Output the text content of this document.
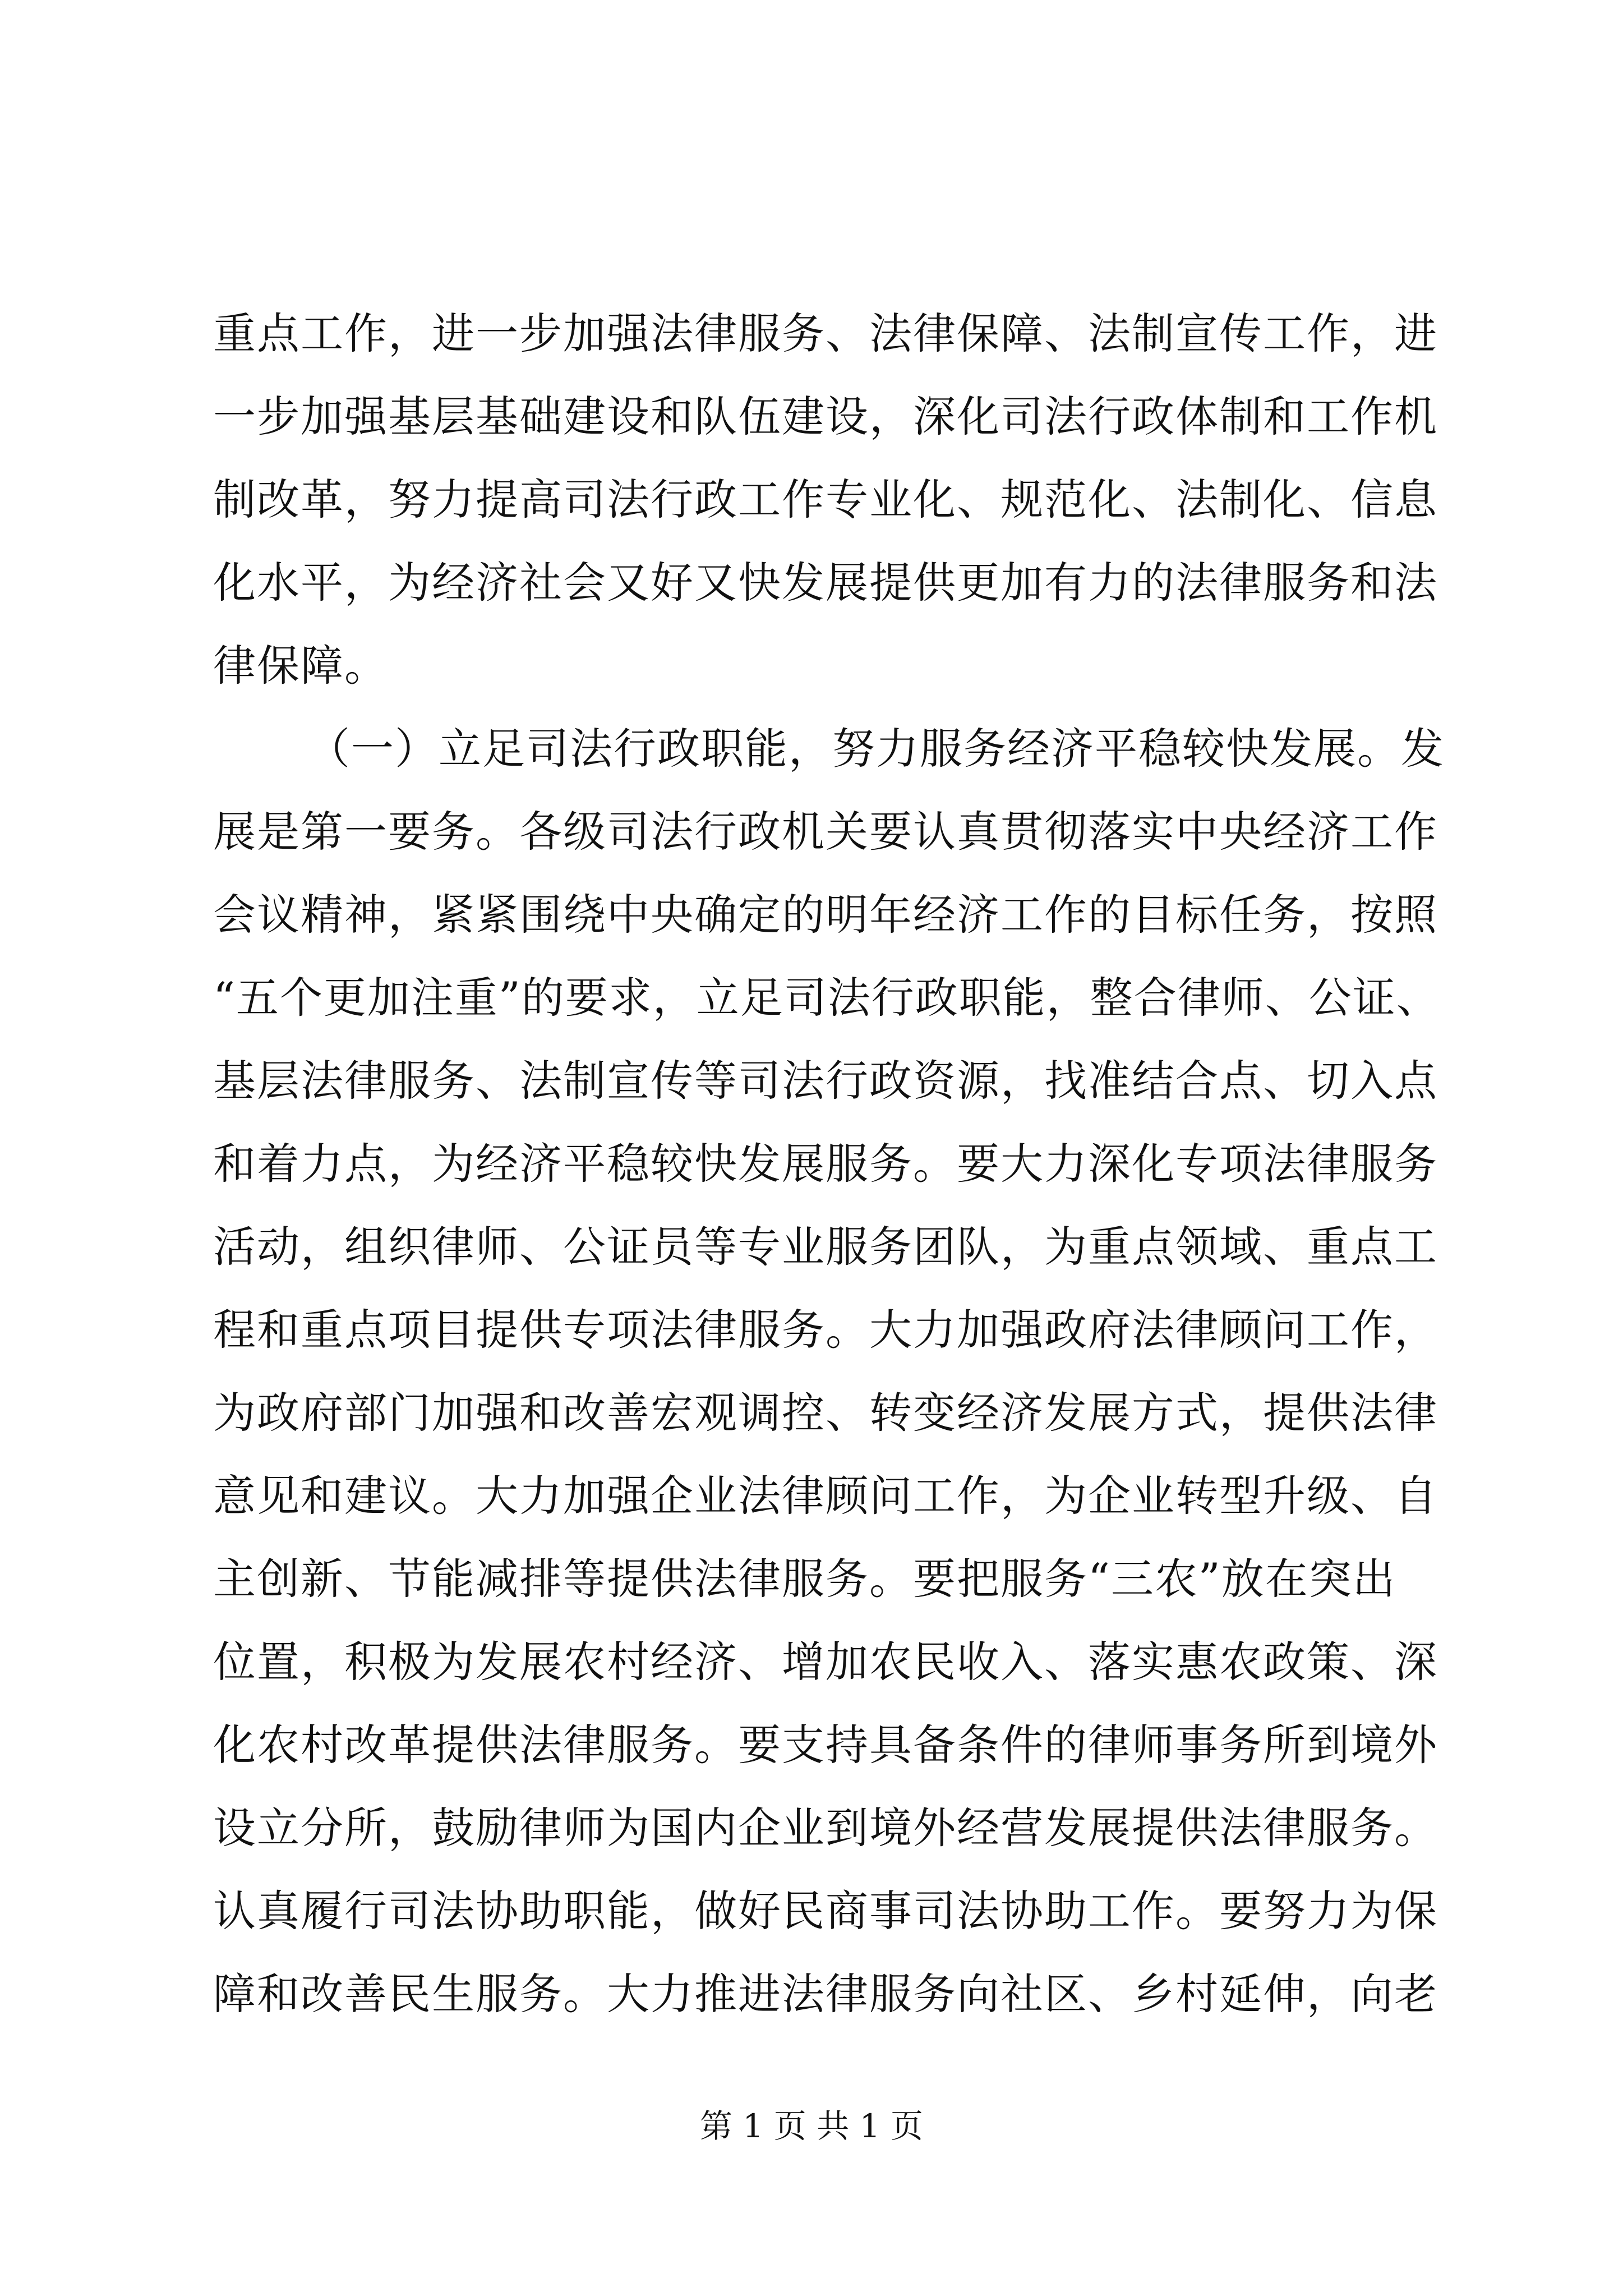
重点工作，进一步加强法律服务、法律保障、法制宣传工作，进
一步加强基层基础建设和队伍建设，深化司法行政体制和工作机
制改革，努力提高司法行政工作专业化、规范化、法制化、信息
化水平，为经济社会又好又快发展提供更加有力的法律服务和法
律保障。
（一）立足司法行政职能，努力服务经济平稳较快发展。发
展是第一要务。各级司法行政机关要认真贯彻落实中央经济工作
会议精神，紧紧围绕中央确定的明年经济工作的目标任务，按照
“五个更加注重”的要求，立足司法行政职能，整合律师、公证、
基层法律服务、法制宣传等司法行政资源，找准结合点、切入点
和着力点，为经济平稳较快发展服务。要大力深化专项法律服务
活动，组织律师、公证员等专业服务团队，为重点领域、重点工
程和重点项目提供专项法律服务。大力加强政府法律顾问工作，
为政府部门加强和改善宏观调控、转变经济发展方式，提供法律
意见和建议。大力加强企业法律顾问工作，为企业转型升级、自
主创新、节能减排等提供法律服务。要把服务“三农”放在突出
位置，积极为发展农村经济、增加农民收入、落实惠农政策、深
化农村改革提供法律服务。要支持具备条件的律师事务所到境外
设立分所，鼓励律师为国内企业到境外经营发展提供法律服务。
认真履行司法协助职能，做好民商事司法协助工作。要努力为保
障和改善民生服务。大力推进法律服务向社区、乡村延伸，向老
第 1 页 共 1 页
